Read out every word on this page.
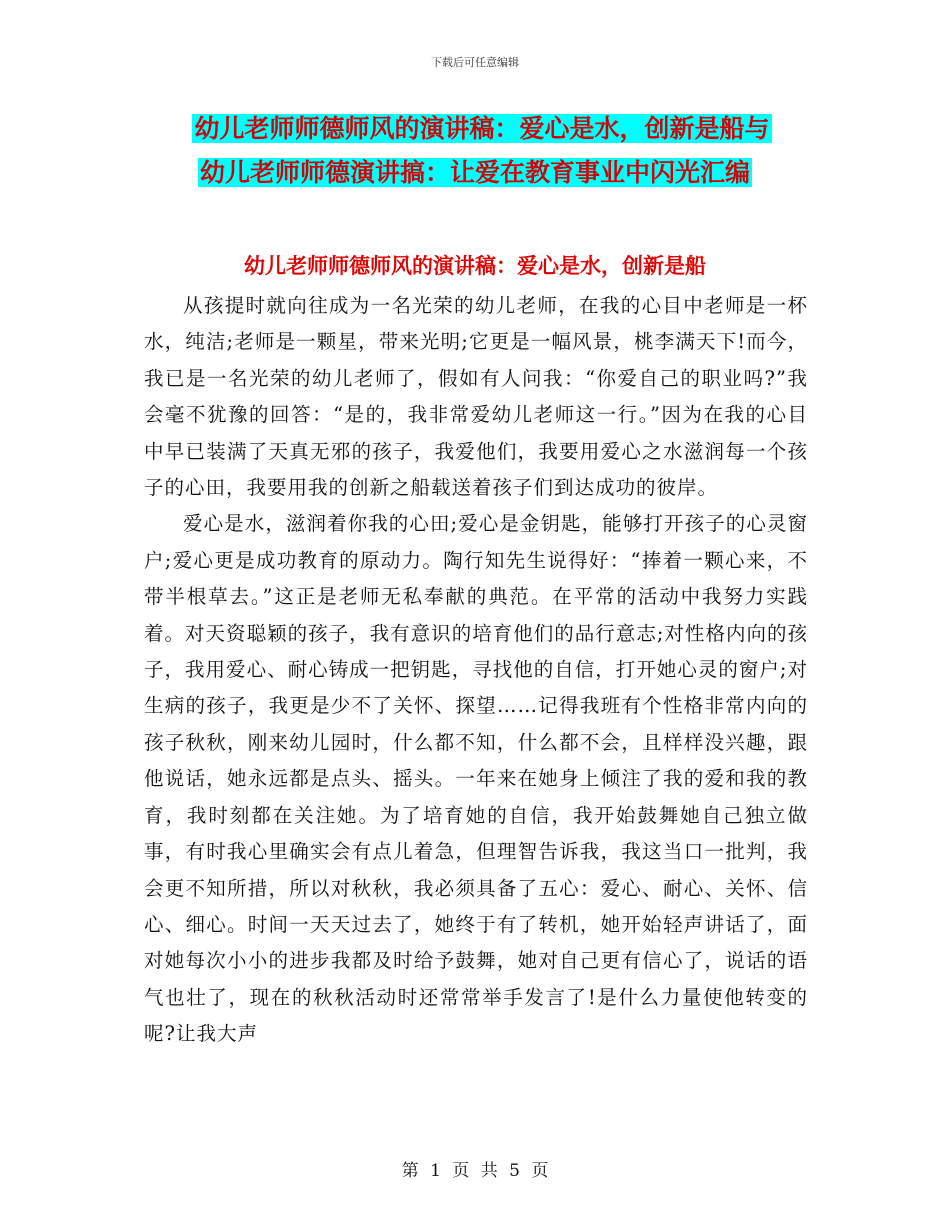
下载后可任意编辑
幼儿老师师德师风的演讲稿：爱心是水，创新是船与
幼儿老师师德演讲搞：让爱在教育事业中闪光汇编
幼儿老师师德师风的演讲稿：爱心是水，创新是船

从孩提时就向往成为一名光荣的幼儿老师，在我的心目中老师是一杯水，纯洁;老师是一颗星，带来光明;它更是一幅风景，桃李满天下!而今，我已是一名光荣的幼儿老师了，假如有人问我：“你爱自己的职业吗?”我会毫不犹豫的回答：“是的，我非常爱幼儿老师这一行。”因为在我的心目中早已装满了天真无邪的孩子，我爱他们，我要用爱心之水滋润每一个孩子的心田，我要用我的创新之船载送着孩子们到达成功的彼岸。

爱心是水，滋润着你我的心田;爱心是金钥匙，能够打开孩子的心灵窗户;爱心更是成功教育的原动力。陶行知先生说得好：“捧着一颗心来，不带半根草去。”这正是老师无私奉献的典范。在平常的活动中我努力实践着。对天资聪颖的孩子，我有意识的培育他们的品行意志;对性格内向的孩子，我用爱心、耐心铸成一把钥匙，寻找他的自信，打开她心灵的窗户;对生病的孩子，我更是少不了关怀、探望……记得我班有个性格非常内向的孩子秋秋，刚来幼儿园时，什么都不知，什么都不会，且样样没兴趣，跟他说话，她永远都是点头、摇头。一年来在她身上倾注了我的爱和我的教育，我时刻都在关注她。为了培育她的自信，我开始鼓舞她自己独立做事，有时我心里确实会有点儿着急，但理智告诉我，我这当口一批判，我会更不知所措，所以对秋秋，我必须具备了五心：爱心、耐心、关怀、信心、细心。时间一天天过去了，她终于有了转机，她开始轻声讲话了，面对她每次小小的进步我都及时给予鼓舞，她对自己更有信心了，说话的语气也壮了，现在的秋秋活动时还常常举手发言了!是什么力量使他转变的呢?让我大声

第 1 页 共 5 页
